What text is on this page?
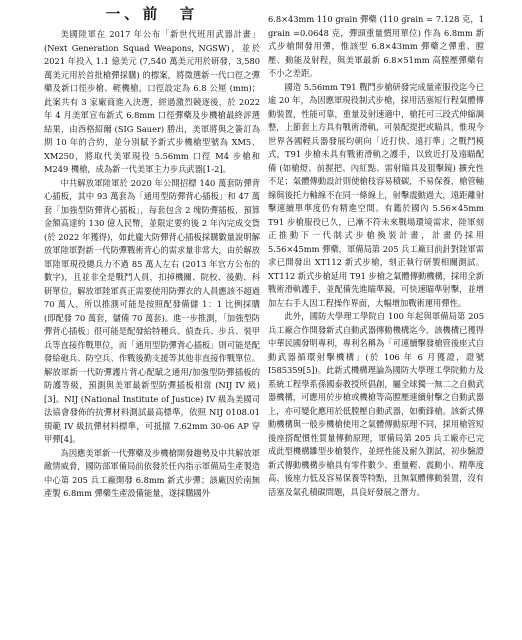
一、前　言

美國陸軍在 2017 年公布「新世代班用武器計畫」(Next Generation Squad Weapons, NGSW)，並於 2021 年投入 1.1 億美元 (7,540 萬美元用於研發，3,580 萬美元用於首批槍彈採購) 的標案，將徵選新一代口徑之彈藥及新口徑步槍、輕機槍，口徑設定為 6.8 公厘 (mm)；此案共有 3 家廠商進入決選，經過激烈競逐後，於 2022 年 4 月美軍宣布新式 6.8mm 口徑彈藥及步機槍最終評選結果，由西格紹爾 (SIG Sauer) 勝出，美軍將與之簽訂為期 10 年的合約，並分別賦予新式步機槍型號為 XM5、XM250，將取代美軍現役 5.56mm 口徑 M4 步槍和 M249 機槍，成為新一代美軍主力步兵武器[1-2]。

中共解放軍陸軍於 2020 年公開招標 140 萬套防彈背心插板，其中 93 萬套為「通用型防彈背心插板」和 47 萬套「加強型防彈背心插板」，每套包含 2 塊防彈插板，預算金額高達約 130 億人民幣，並限定要約後 2 年內完成交貨 (於 2022 年獲得)，如此龐大防彈背心插板採購數量說明解放軍陸軍對新一代防彈戰術背心的需求量非常大，由於解放軍陸軍現役總兵力不過 85 萬人左右 (2013 年官方公布的數字)，且並非全是戰鬥人員，扣掉機關、院校、後勤、科研單位，解放軍陸軍真正需要使用防彈衣的人員應該不超過 70 萬人，所以推測可能是按照配發備儲 1：1 比例採購 (即配發 70 萬套，儲備 70 萬套)。進一步推測，「加強型防彈背心插板」很可能是配發給特種兵、偵查兵、步兵、裝甲兵等直接作戰單位，而「通用型防彈背心插板」則可能是配發給砲兵、防空兵、作戰後勤支援等其他非直接作戰單位。解放軍新一代防彈護片背心配賦之通用/加強型防彈插板的防護等級，預測與美軍最新型防彈插板相當 (NIJ IV 級) [3]。NIJ (National Institute of Justice) IV 級為美國司法協會發佈的抗彈材料測試最高標準，依照 NIJ 0108.01 規範 IV 級抗彈材料標準，可抵擋 7.62mm 30-06 AP 穿甲彈[4]。

為因應美軍新一代彈藥及步機槍開發趨勢及中共解放軍敵情威脅，國防部軍備局前依發於任內指示軍備局生產製造中心第 205 兵工廠開發 6.8mm 新式步彈；該廠因於南無產製 6.8mm 彈藥生產設備能量，遂採購國外

6.8×43mm 110 grain 彈藥 (110 grain = 7.128 克，1 grain =0.0648 克，彈頭重量慣用單位) 作為 6.8mm 新式步槍開發用彈，惟該型 6.8×43mm 彈藥之彈重、膛壓、動能及射程，與美軍最新 6.8×51mm 高膛壓彈藥有不小之差距。

國造 5.56mm T91 戰鬥步槍研發完成量產服役迄今已逾 20 年，為因應軍現役制式步槍，採用活塞短行程氣體傳動裝置，性能可靠，重量及射速適中，槍托可三段式伸縮調整，上節套上方具有戰術滑軌，可裝配提把或瞄具，惟現今世界各國輕兵器發展均朝向「近打快、遠打準」之戰鬥模式，T91 步槍未具有戰術滑軌之護手，以致近打及遠瞄配備 (如槍燈、前握把、內紅點、雷射瞄具及狙擊鏡) 擴充性不足；氣體傳動設計則使槍枝容易積碳，不易保養，槍管軸線與後托力軸線不在同一條線上，射擊震動過大，遠距離射擊連續單準度仍有精進空間。有鑑於國內 5.56×45mm T91 步槍服役已久，已漸不符未來戰場環境需求，陸軍刻正推動下一代制式步槍換裝計畫，計畫仍採用 5.56×45mm 彈藥，軍備局第 205 兵工廠目前針對陸軍需求已開發出 XT112 新式步槍，刻正執行研製相關測試。XT112 新式步槍延用 T91 步槍之氣體傳動機構，採用全新戰術滑軌護手，並配備先進瞄準鏡，可快速瞄準射擊，並增加左右手人因工程操作界面，大幅增加戰術運用彈性。

此外，國防大學理工學院自 100 年起與軍備局第 205 兵工廠合作開發新式自動武器傳動機構迄今，該機構已獲得中華民國發明專利，專利名稱為「可連續擊發槍管後座式自動武器循環射擊機構」(於 106 年 6 月獲證，證號 I585359[5])。此新式機構理論為國防大學理工學院動力及系統工程學系孫國泰教授所倡創，屬全球獨一無二之自動武器機構，可應用於步槍或機槍等高膛壓連續射擊之自動武器上，亦可變化應用於低膛壓自動武器，如衝鋒槍。該新式傳動機構與一般步機槍使用之氣體傳動原理不同，採用槍管短後座搭配慣性質量傳動原理，軍備局第 205 兵工廠亦已完成此型機構雛型步槍製作，並經性能及耐久測試，初步驗證新式傳動機構步槍具有零件數少、重量輕、震動小、精準度高、後座力低及容易保養等特點，且無氣體傳動裝置，沒有活塞及氣孔積碳問題，具良好發展之潛力。
